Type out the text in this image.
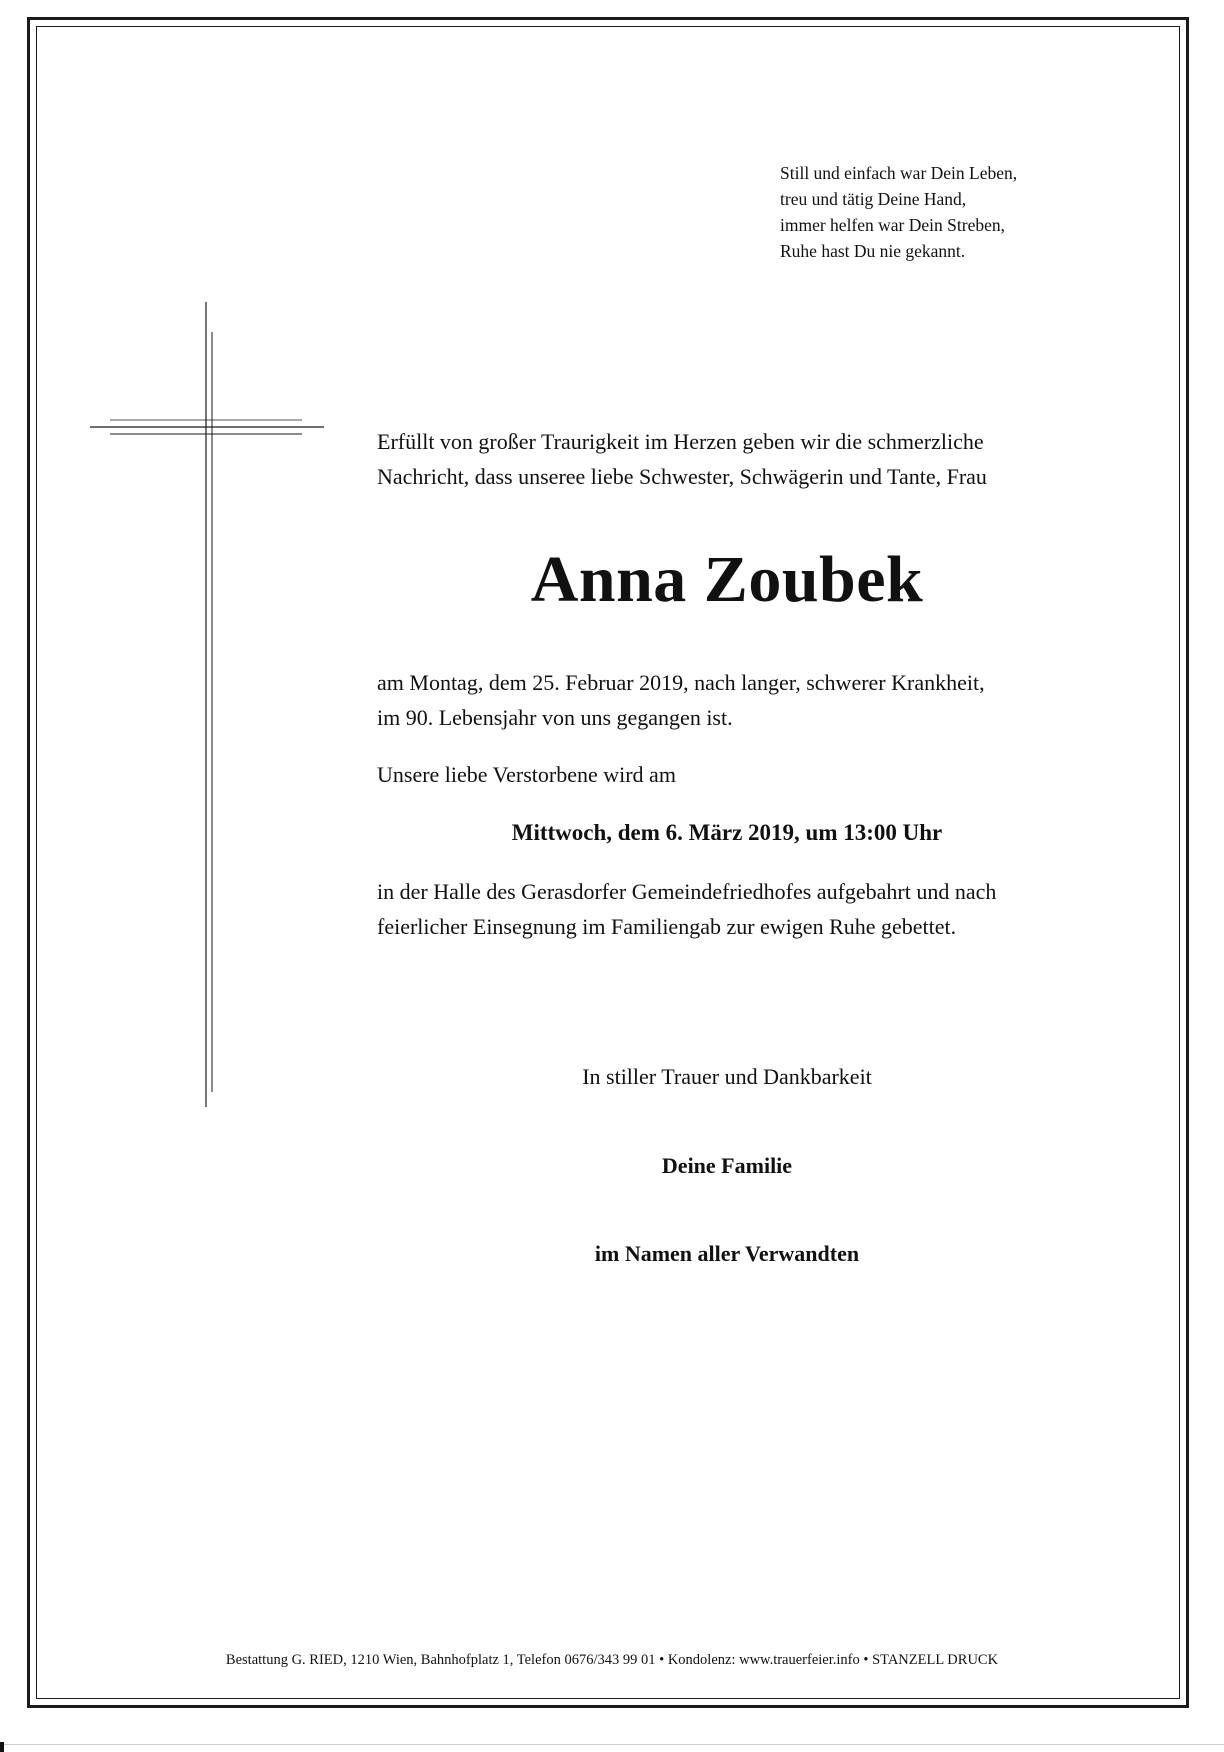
Still und einfach war Dein Leben,
treu und tätig Deine Hand,
immer helfen war Dein Streben,
Ruhe hast Du nie gekannt.
Erfüllt von großer Traurigkeit im Herzen geben wir die schmerzliche
Nachricht, dass unseree liebe Schwester, Schwägerin und Tante, Frau
Anna Zoubek
am Montag, dem 25. Februar 2019, nach langer, schwerer Krankheit,
im 90. Lebensjahr von uns gegangen ist.
Unsere liebe Verstorbene wird am
Mittwoch, dem 6. März 2019, um 13:00 Uhr
in der Halle des Gerasdorfer Gemeindefriedhofes aufgebahrt und nach
feierlicher Einsegnung im Familiengab zur ewigen Ruhe gebettet.
In stiller Trauer und Dankbarkeit
Deine Familie
im Namen aller Verwandten
Bestattung G. RIED, 1210 Wien, Bahnhofplatz 1, Telefon 0676/343 99 01 • Kondolenz: www.trauerfeier.info • STANZELL DRUCK
